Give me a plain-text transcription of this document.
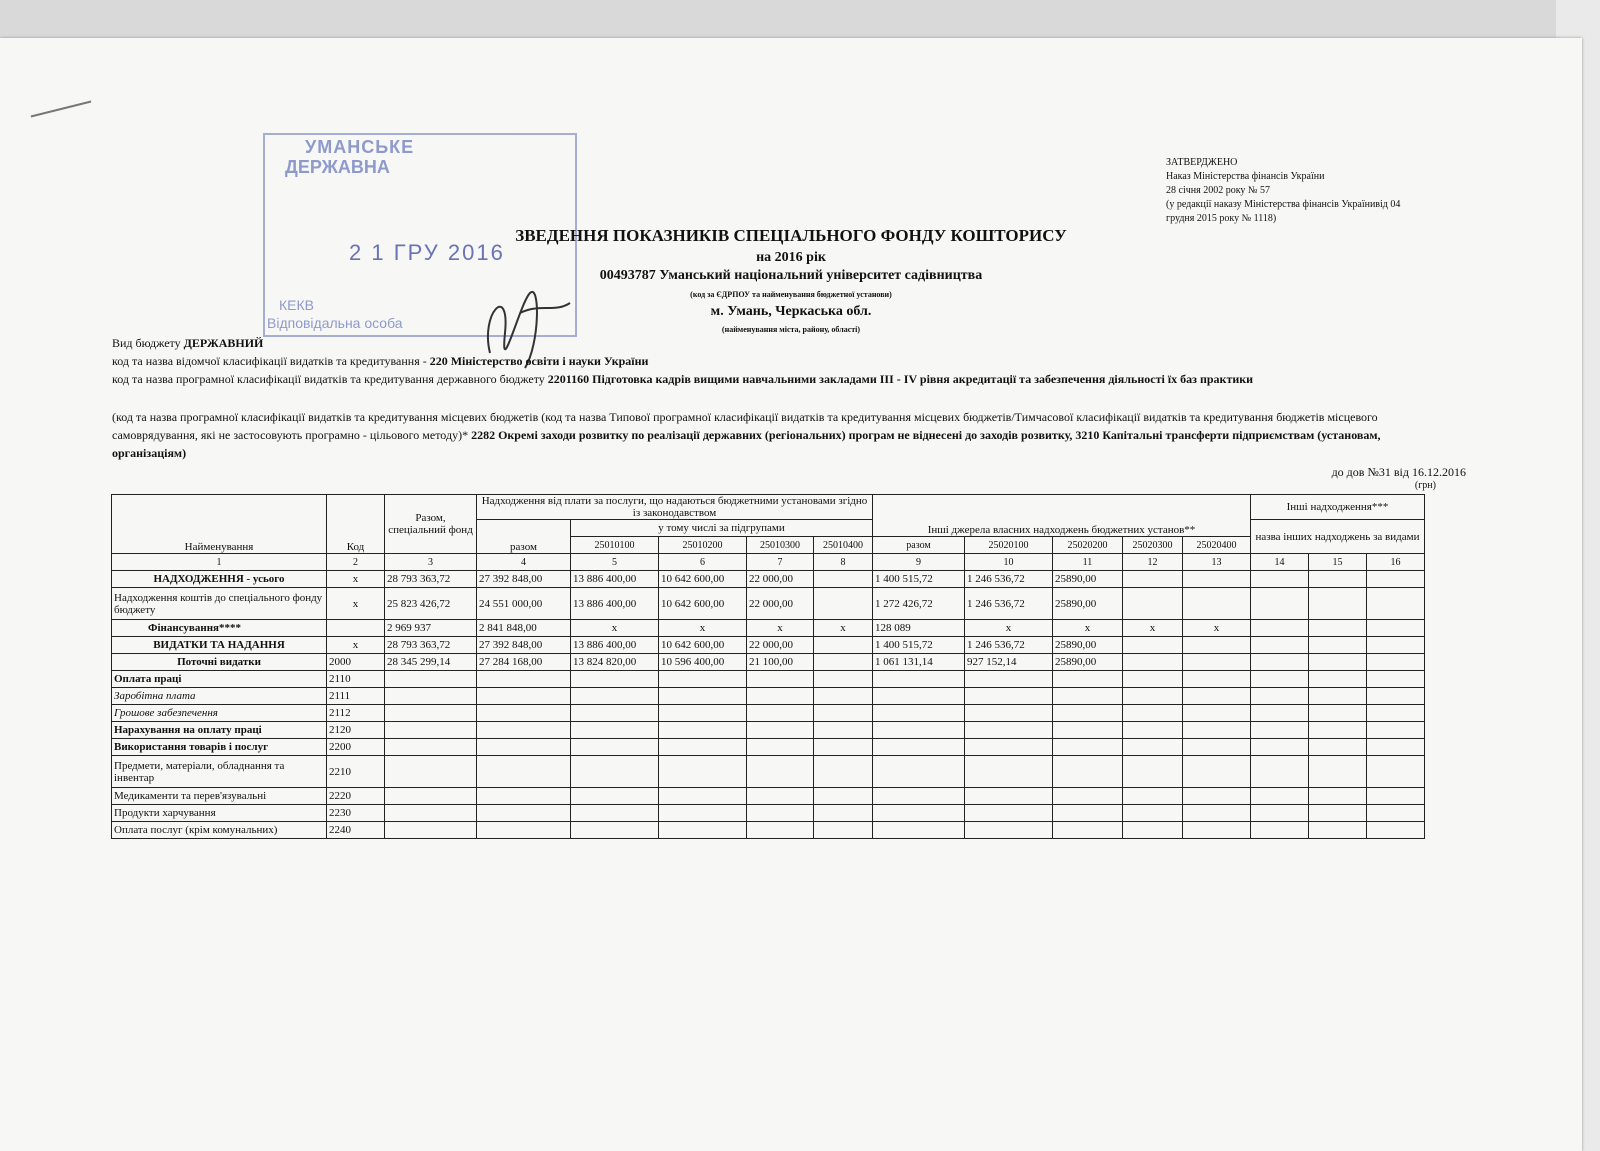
УМАНСЬКЕ
ДЕРЖАВНА
2 1 ГРУ 2016
КЕКВ
Відповідальна особа
ЗАТВЕРДЖЕНО
Наказ Міністерства фінансів України
28 січня 2002 року № 57
(у редакції наказу Міністерства фінансів Українивід 04
грудня 2015 року № 1118)
ЗВЕДЕННЯ ПОКАЗНИКІВ СПЕЦІАЛЬНОГО ФОНДУ КОШТОРИСУ
на 2016 рік
00493787 Уманський національний університет садівництва
(код за ЄДРПОУ та найменування бюджетної установи)
м. Умань, Черкаська обл.
(найменування міста, району, області)
Вид бюджету ДЕРЖАВНИЙ
код та назва відомчої класифікації видатків та кредитування - 220 Міністерство освіти і науки України
код та назва програмної класифікації видатків та кредитування державного бюджету 2201160 Підготовка кадрів вищими навчальними закладами ІІІ - IV рівня акредитації та забезпечення діяльності їх баз практики
(код та назва програмної класифікації видатків та кредитування місцевих бюджетів (код та назва Типової програмної класифікації видатків та кредитування місцевих бюджетів/Тимчасової класифікації видатків та кредитування бюджетів місцевого самоврядування, які не застосовують програмно - цільового методу)* 2282 Окремі заходи розвитку по реалізації державних (регіональних) програм не віднесені до заходів розвитку, 3210 Капітальні трансферти підприємствам (установам, організаціям)
до дов №31 від 16.12.2016
(грн)
Найменування	Код	Разом, спеціальний фонд	Надходження від плати за послуги, що надаються бюджетними установами згідно із законодавством					Інші джерела власних надходжень бюджетних установ**					Інші надходження***		
			разом	у тому числі за підгрупами									назва інших надходжень за видами		
				25010100	25010200	25010300	25010400	разом	25020100	25020200	25020300	25020400			
1	2	3	4	5	6	7	8	9	10	11	12	13	14	15	16
НАДХОДЖЕННЯ - усього	х	28 793 363,72	27 392 848,00	13 886 400,00	10 642 600,00	22 000,00		1 400 515,72	1 246 536,72	25890,00					
Надходження коштів до спеціального фонду бюджету	х	25 823 426,72	24 551 000,00	13 886 400,00	10 642 600,00	22 000,00		1 272 426,72	1 246 536,72	25890,00					
Фінансування****		2 969 937	2 841 848,00	х	х	х	х	128 089	х	х	х	х			
ВИДАТКИ ТА НАДАННЯ	х	28 793 363,72	27 392 848,00	13 886 400,00	10 642 600,00	22 000,00		1 400 515,72	1 246 536,72	25890,00					
Поточні видатки	2000	28 345 299,14	27 284 168,00	13 824 820,00	10 596 400,00	21 100,00		1 061 131,14	927 152,14	25890,00					
Оплата праці	2110														
Заробітна плата	2111														
Грошове забезпечення	2112														
Нарахування на оплату праці	2120														
Використання товарів і послуг	2200														
Предмети, матеріали, обладнання та інвентар	2210														
Медикаменти та перев'язувальні	2220														
Продукти харчування	2230														
Оплата послуг (крім комунальних)	2240														
